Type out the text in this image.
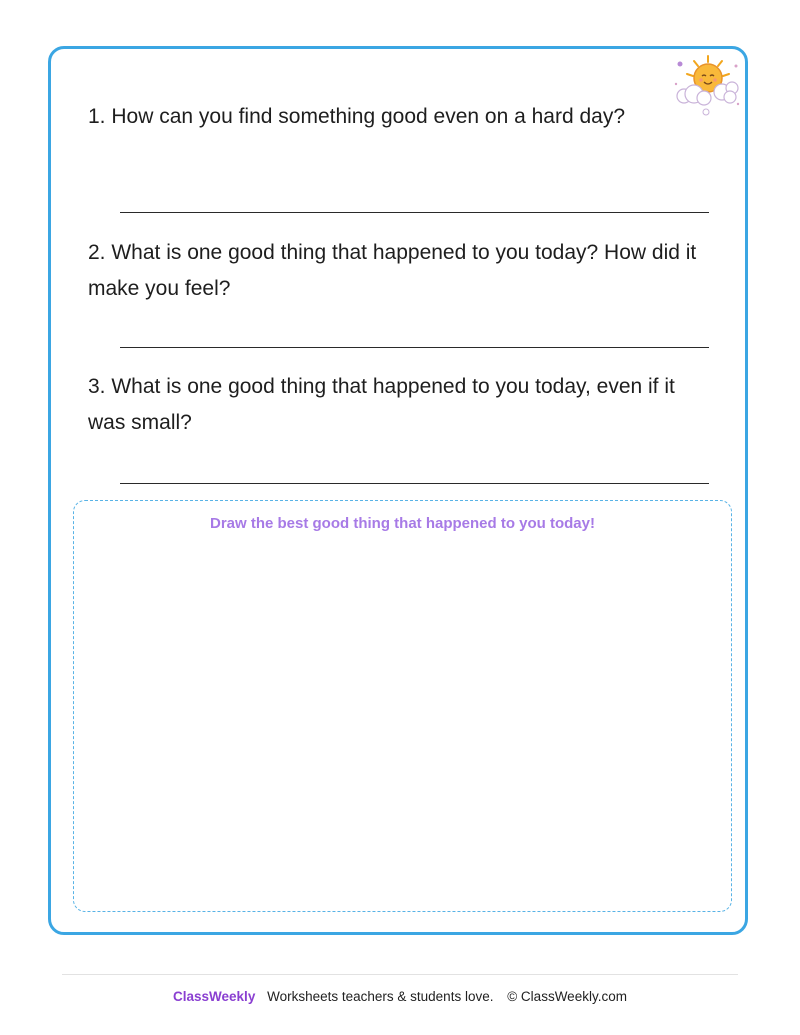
1. How can you find something good even on a hard day?

2. What is one good thing that happened to you today? How did it make you feel?

3. What is one good thing that happened to you today, even if it was small?

Draw the best good thing that happened to you today!
ClassWeekly Worksheets teachers & students love. © ClassWeekly.com
